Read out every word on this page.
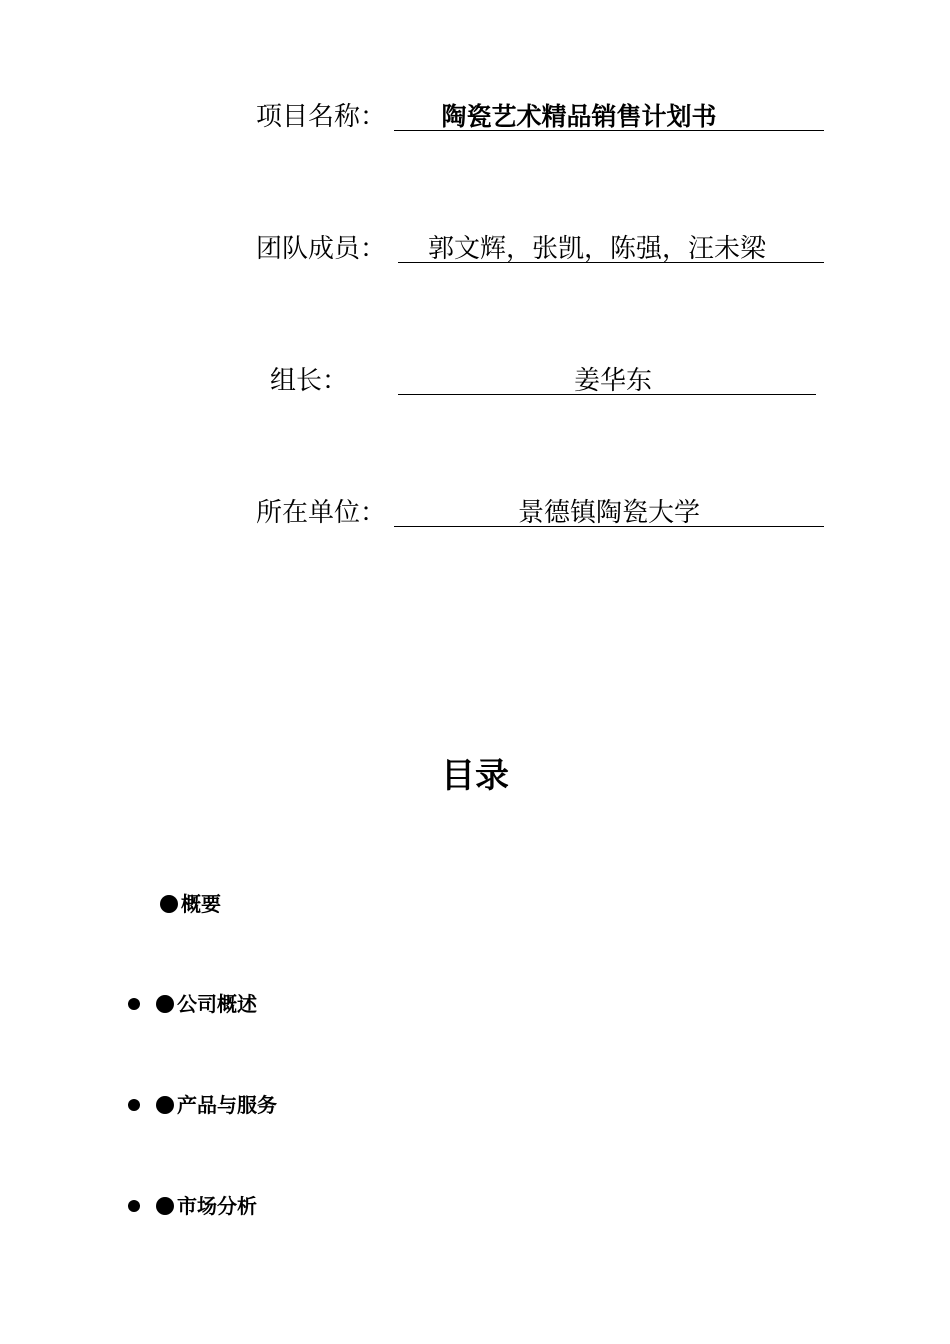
项目名称：	陶瓷艺术精品销售计划书
团队成员：	郭文辉，张凯，陈强，汪未梁
组长：	姜华东
所在单位：	景德镇陶瓷大学
目录
概要
公司概述
产品与服务
市场分析
